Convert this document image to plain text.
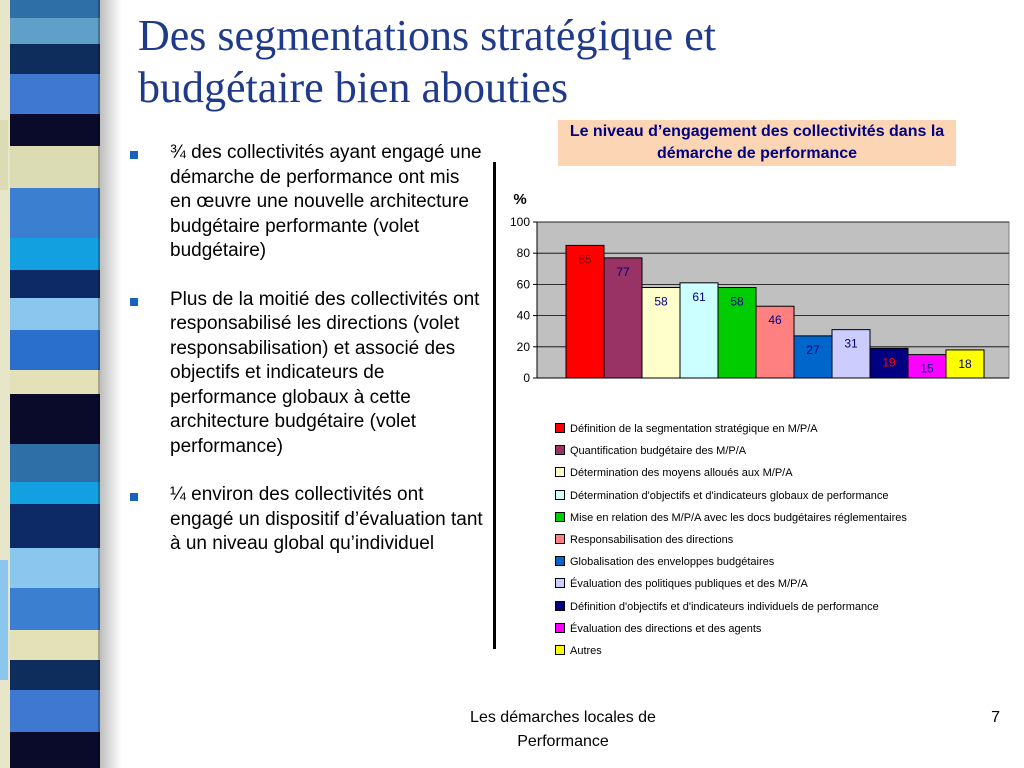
Des segmentations stratégique et budgétaire bien abouties
Le niveau d’engagement des collectivités dans la démarche de performance
¾ des collectivités ayant engagé une démarche de performance ont mis en œuvre une nouvelle architecture budgétaire performante (volet budgétaire)
Plus de la moitié des collectivités ont responsabilisé les directions (volet responsabilisation) et associé des objectifs et indicateurs de performance globaux à cette architecture budgétaire (volet performance)
¼ environ des collectivités ont engagé un dispositif d’évaluation tant à un niveau global qu’individuel
0
20
40
60
80
100
%
85
77
58 61 58
46
27 31
19 15 18
Définition de la segmentation stratégique en M/P/A
Quantification budgétaire des M/P/A
Détermination des moyens alloués aux M/P/A
Détermination d'objectifs et d'indicateurs globaux de performance
Mise en relation des M/P/A avec les docs budgétaires réglementaires
Responsabilisation des directions
Globalisation des enveloppes budgétaires
Évaluation des politiques publiques et des M/P/A
Définition d'objectifs et d'indicateurs individuels de performance
Évaluation des directions et des agents
Autres
Les démarches locales de Performance
7
